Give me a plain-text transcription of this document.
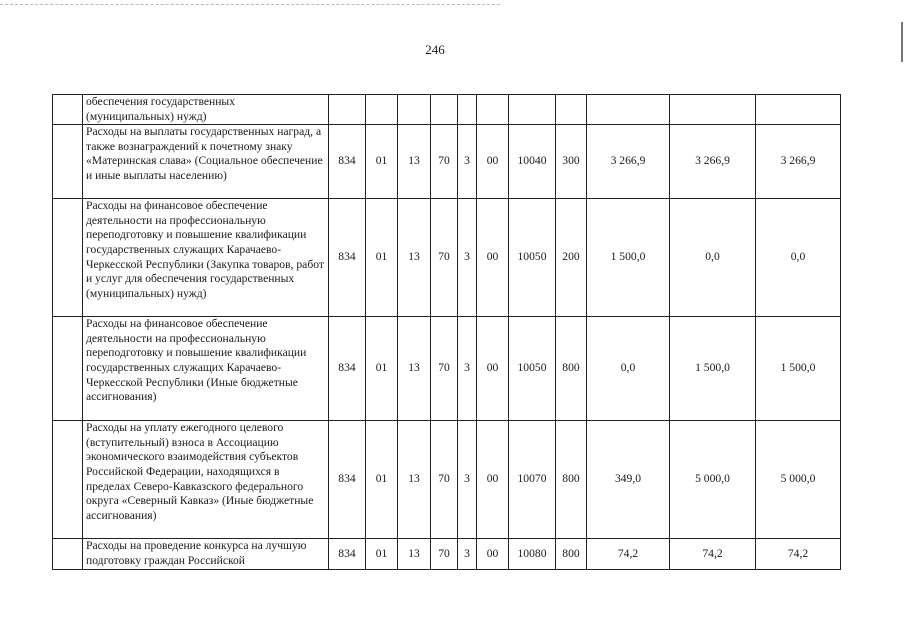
246
	обеспечения государственных (муниципальных) нужд)											
	Расходы на выплаты государственных наград, а также вознаграждений к почетному знаку «Материнская слава» (Социальное обеспечение и иные выплаты населению)	834	01	13	70	3	00	10040	300	3 266,9	3 266,9	3 266,9
	Расходы на финансовое обеспечение деятельности на профессиональную переподготовку и повышение квалификации государственных служащих Карачаево-Черкесской Республики (Закупка товаров, работ и услуг для обеспечения государственных (муниципальных) нужд)	834	01	13	70	3	00	10050	200	1 500,0	0,0	0,0
	Расходы на финансовое обеспечение деятельности на профессиональную переподготовку и повышение квалификации государственных служащих Карачаево-Черкесской Республики (Иные бюджетные ассигнования)	834	01	13	70	3	00	10050	800	0,0	1 500,0	1 500,0
	Расходы на уплату ежегодного целевого (вступительный) взноса в Ассоциацию экономического взаимодействия субъектов Российской Федерации, находящихся в пределах Северо-Кавказского федерального округа «Северный Кавказ» (Иные бюджетные ассигнования)	834	01	13	70	3	00	10070	800	349,0	5 000,0	5 000,0
	Расходы на проведение конкурса на лучшую подготовку граждан Российской	834	01	13	70	3	00	10080	800	74,2	74,2	74,2
